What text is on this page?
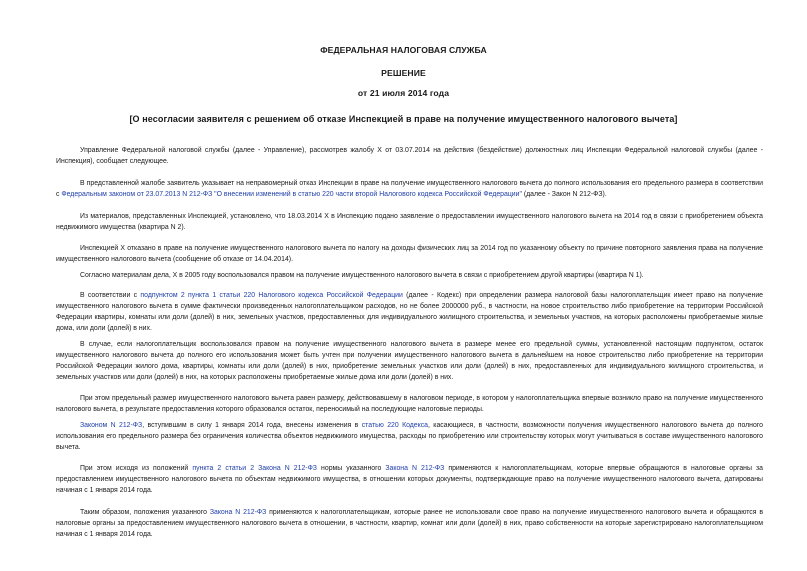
ФЕДЕРАЛЬНАЯ НАЛОГОВАЯ СЛУЖБА
РЕШЕНИЕ
от 21 июля 2014 года
[О несогласии заявителя с решением об отказе Инспекцией в праве на получение имущественного налогового вычета]

Управление Федеральной налоговой службы (далее - Управление), рассмотрев жалобу Х от 03.07.2014 на действия (бездействие) должностных лиц Инспекции Федеральной налоговой службы (далее - Инспекция), сообщает следующее.

В представленной жалобе заявитель указывает на неправомерный отказ Инспекции в праве на получение имущественного налогового вычета до полного использования его предельного размера в соответствии с Федеральным законом от 23.07.2013 N 212-ФЗ "О внесении изменений в статью 220 части второй Налогового кодекса Российской Федерации" (далее - Закон N 212-ФЗ).

Из материалов, представленных Инспекцией, установлено, что 18.03.2014 Х в Инспекцию подано заявление о предоставлении имущественного налогового вычета на 2014 год в связи с приобретением объекта недвижимого имущества (квартира N 2).

Инспекцией Х отказано в праве на получение имущественного налогового вычета по налогу на доходы физических лиц за 2014 год по указанному объекту по причине повторного заявления права на получение имущественного налогового вычета (сообщение об отказе от 14.04.2014).

Согласно материалам дела, Х в 2005 году воспользовался правом на получение имущественного налогового вычета в связи с приобретением другой квартиры (квартира N 1).

В соответствии с подпунктом 2 пункта 1 статьи 220 Налогового кодекса Российской Федерации (далее - Кодекс) при определении размера налоговой базы налогоплательщик имеет право на получение имущественного налогового вычета в сумме фактически произведенных налогоплательщиком расходов, но не более 2000000 руб., в частности, на новое строительство либо приобретение на территории Российской Федерации квартиры, комнаты или доли (долей) в них, земельных участков, предоставленных для индивидуального жилищного строительства, и земельных участков, на которых расположены приобретаемые жилые дома, или доли (долей) в них.

В случае, если налогоплательщик воспользовался правом на получение имущественного налогового вычета в размере менее его предельной суммы, установленной настоящим подпунктом, остаток имущественного налогового вычета до полного его использования может быть учтен при получении имущественного налогового вычета в дальнейшем на новое строительство либо приобретение на территории Российской Федерации жилого дома, квартиры, комнаты или доли (долей) в них, приобретение земельных участков или доли (долей) в них, предоставленных для индивидуального жилищного строительства, и земельных участков или доли (долей) в них, на которых расположены приобретаемые жилые дома или доли (долей) в них.

При этом предельный размер имущественного налогового вычета равен размеру, действовавшему в налоговом периоде, в котором у налогоплательщика впервые возникло право на получение имущественного налогового вычета, в результате предоставления которого образовался остаток, переносимый на последующие налоговые периоды.

Законом N 212-ФЗ, вступившим в силу 1 января 2014 года, внесены изменения в статью 220 Кодекса, касающиеся, в частности, возможности получения имущественного налогового вычета до полного использования его предельного размера без ограничения количества объектов недвижимого имущества, расходы по приобретению или строительству которых могут учитываться в составе имущественного налогового вычета.

При этом исходя из положений пункта 2 статьи 2 Закона N 212-ФЗ нормы указанного Закона N 212-ФЗ применяются к налогоплательщикам, которые впервые обращаются в налоговые органы за предоставлением имущественного налогового вычета по объектам недвижимого имущества, в отношении которых документы, подтверждающие право на получение имущественного налогового вычета, датированы начиная с 1 января 2014 года.

Таким образом, положения указанного Закона N 212-ФЗ применяются к налогоплательщикам, которые ранее не использовали свое право на получение имущественного налогового вычета и обращаются в налоговые органы за предоставлением имущественного налогового вычета в отношении, в частности, квартир, комнат или доли (долей) в них, право собственности на которые зарегистрировано налогоплательщиком начиная с 1 января 2014 года.
